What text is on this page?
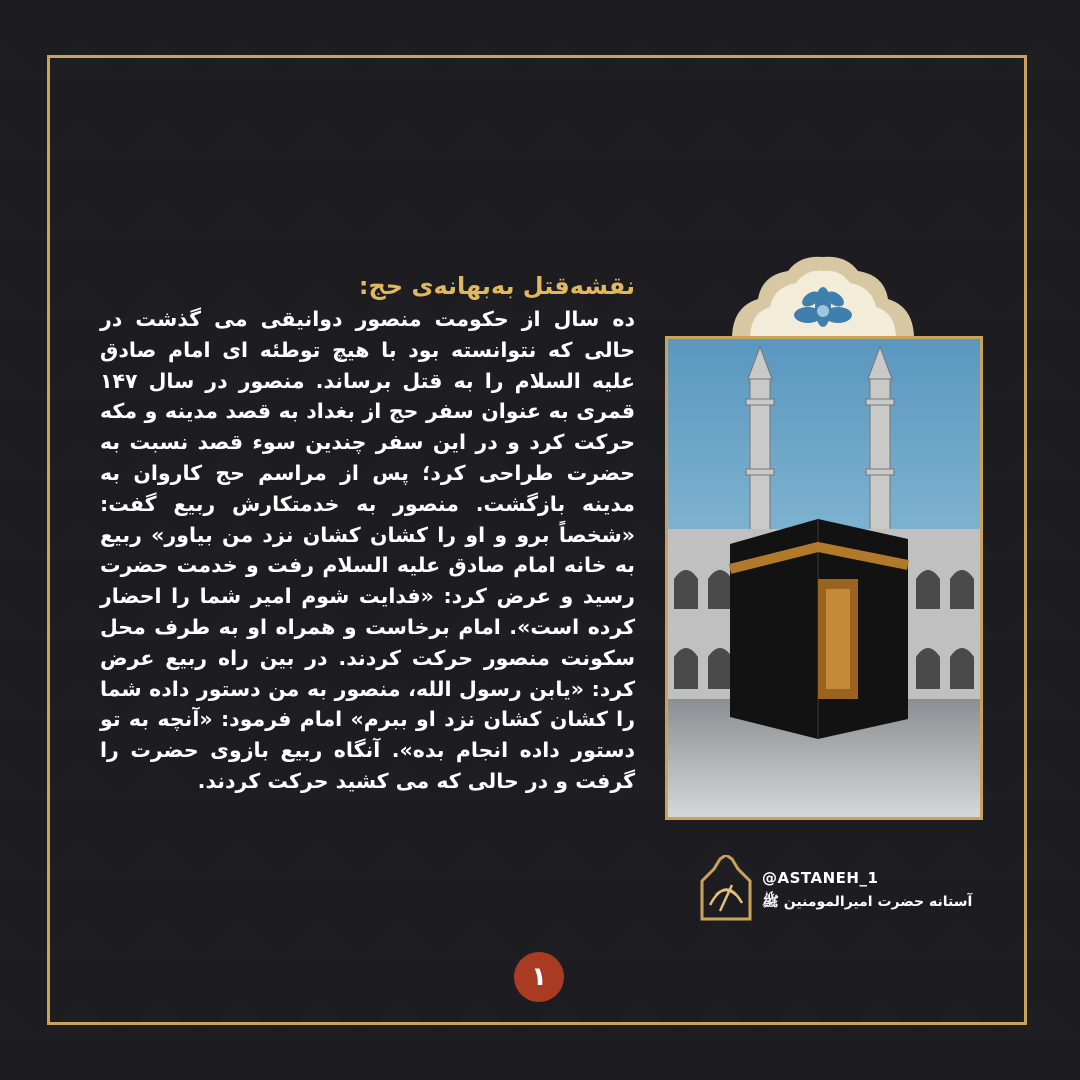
نقشه‌قتل به‌بهانه‌ی حج:

ده سال از حکومت منصور دوانیقی می گذشت در حالی که نتوانسته بود با هیچ توطئه ای امام صادق علیه السلام را به قتل برساند. منصور در سال ۱۴۷ قمری به عنوان سفر حج از بغداد به قصد مدینه و مکه حرکت کرد و در این سفر چندین سوء قصد نسبت به حضرت طراحی کرد؛ پس از مراسم حج کاروان به مدینه بازگشت. منصور به خدمتکارش ربیع گفت: «شخصاً برو و او را کشان کشان نزد من بیاور» ربیع به خانه امام صادق علیه السلام رفت و خدمت حضرت رسید و عرض کرد: «فدایت شوم امیر شما را احضار کرده است». امام برخاست و همراه او به طرف محل سکونت منصور حرکت کردند. در بین راه ربیع عرض کرد: «یابن رسول الله، منصور به من دستور داده شما را کشان کشان نزد او ببرم» امام فرمود: «آنچه به تو دستور داده انجام بده». آنگاه ربیع بازوی حضرت را گرفت و در حالی که می کشید حرکت کردند.

@ASTANEH_1
آستانه حضرت امیرالمومنین ﷺ
۱
